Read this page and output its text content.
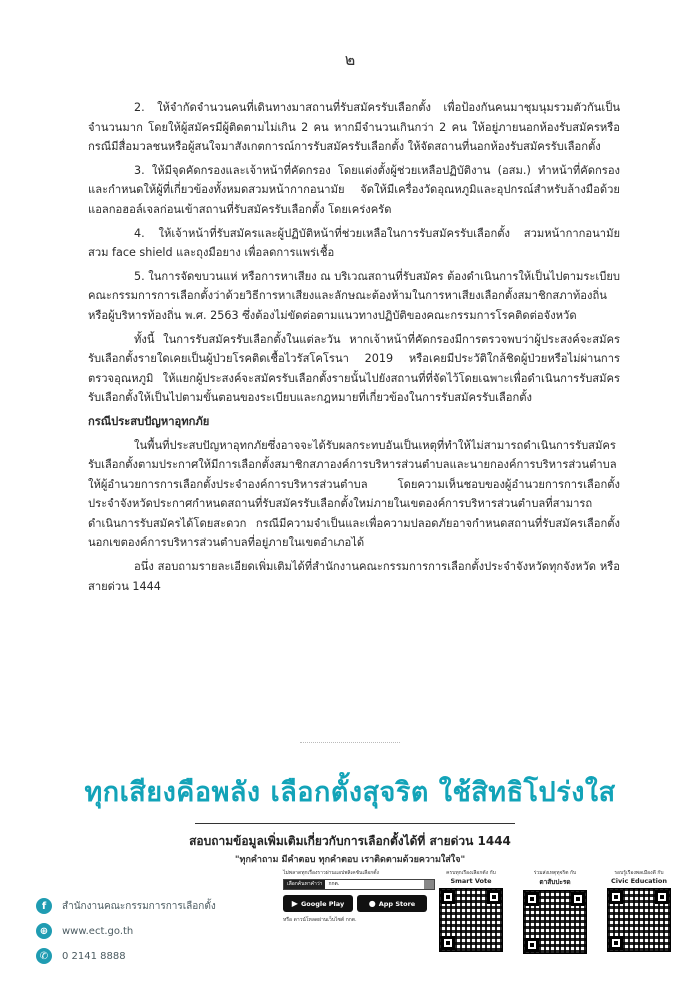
๒

2. ให้จำกัดจำนวนคนที่เดินทางมาสถานที่รับสมัครรับเลือกตั้ง เพื่อป้องกันคนมาชุมนุมรวมตัวกันเป็นจำนวนมาก โดยให้ผู้สมัครมีผู้ติดตามไม่เกิน 2 คน หากมีจำนวนเกินกว่า 2 คน ให้อยู่ภายนอกห้องรับสมัครหรือกรณีมีสื่อมวลชนหรือผู้สนใจมาสังเกตการณ์การรับสมัครรับเลือกตั้ง ให้จัดสถานที่นอกห้องรับสมัครรับเลือกตั้ง

3. ให้มีจุดคัดกรองและเจ้าหน้าที่คัดกรอง โดยแต่งตั้งผู้ช่วยเหลือปฏิบัติงาน (อสม.) ทำหน้าที่คัดกรองและกำหนดให้ผู้ที่เกี่ยวข้องทั้งหมดสวมหน้ากากอนามัย จัดให้มีเครื่องวัดอุณหภูมิและอุปกรณ์สำหรับล้างมือด้วยแอลกอฮอล์เจลก่อนเข้าสถานที่รับสมัครรับเลือกตั้ง โดยเคร่งครัด

4. ให้เจ้าหน้าที่รับสมัครและผู้ปฏิบัติหน้าที่ช่วยเหลือในการรับสมัครรับเลือกตั้ง สวมหน้ากากอนามัย สวม face shield และถุงมือยาง เพื่อลดการแพร่เชื้อ

5. ในการจัดขบวนแห่ หรือการหาเสียง ณ บริเวณสถานที่รับสมัคร ต้องดำเนินการให้เป็นไปตามระเบียบคณะกรรมการการเลือกตั้งว่าด้วยวิธีการหาเสียงและลักษณะต้องห้ามในการหาเสียงเลือกตั้งสมาชิกสภาท้องถิ่นหรือผู้บริหารท้องถิ่น พ.ศ. 2563 ซึ่งต้องไม่ขัดต่อตามแนวทางปฏิบัติของคณะกรรมการโรคติดต่อจังหวัด

ทั้งนี้ ในการรับสมัครรับเลือกตั้งในแต่ละวัน หากเจ้าหน้าที่คัดกรองมีการตรวจพบว่าผู้ประสงค์จะสมัครรับเลือกตั้งรายใดเคยเป็นผู้ป่วยโรคติดเชื้อไวรัสโคโรนา 2019 หรือเคยมีประวัติใกล้ชิดผู้ป่วยหรือไม่ผ่านการตรวจอุณหภูมิ ให้แยกผู้ประสงค์จะสมัครรับเลือกตั้งรายนั้นไปยังสถานที่ที่จัดไว้โดยเฉพาะเพื่อดำเนินการรับสมัครรับเลือกตั้งให้เป็นไปตามขั้นตอนของระเบียบและกฎหมายที่เกี่ยวข้องในการรับสมัครรับเลือกตั้ง

กรณีประสบปัญหาอุทกภัย

ในพื้นที่ประสบปัญหาอุทกภัยซึ่งอาจจะได้รับผลกระทบอันเป็นเหตุที่ทำให้ไม่สามารถดำเนินการรับสมัครรับเลือกตั้งตามประกาศให้มีการเลือกตั้งสมาชิกสภาองค์การบริหารส่วนตำบลและนายกองค์การบริหารส่วนตำบล ให้ผู้อำนวยการการเลือกตั้งประจำองค์การบริหารส่วนตำบล โดยความเห็นชอบของผู้อำนวยการการเลือกตั้งประจำจังหวัดประกาศกำหนดสถานที่รับสมัครรับเลือกตั้งใหม่ภายในเขตองค์การบริหารส่วนตำบลที่สามารถดำเนินการรับสมัครได้โดยสะดวก กรณีมีความจำเป็นและเพื่อความปลอดภัยอาจกำหนดสถานที่รับสมัครเลือกตั้งนอกเขตองค์การบริหารส่วนตำบลที่อยู่ภายในเขตอำเภอได้

อนึ่ง สอบถามรายละเอียดเพิ่มเติมได้ที่สำนักงานคณะกรรมการการเลือกตั้งประจำจังหวัดทุกจังหวัด หรือ สายด่วน 1444

ทุกเสียงคือพลัง เลือกตั้งสุจริต ใช้สิทธิโปร่งใส
สอบถามข้อมูลเพิ่มเติมเกี่ยวกับการเลือกตั้งได้ที่ สายด่วน 1444
"ทุกคำถาม มีคำตอบ ทุกคำตอบ เราติดตามด้วยความใส่ใจ"
f	สำนักงานคณะกรรมการการเลือกตั้ง
⊕	www.ect.go.th
✆	0 2141 8888
ไม่พลาดทุกเรื่องราวผ่านแอปพลิเคชันเลือกตั้ง
เลือกค้นหาคำว่า	กกต.
▶ Google Play	● App Store
หรือ ดาวน์โหลดผ่านเว็บไซต์ กกต.
ครบทุกเรื่องเลือกตั้ง กับ
Smart Vote
ร่วมส่งเหตุทุจริต กับ
ตาสับปะรด
รอบรู้เรื่องพลเมืองดี กับ
Civic Education
